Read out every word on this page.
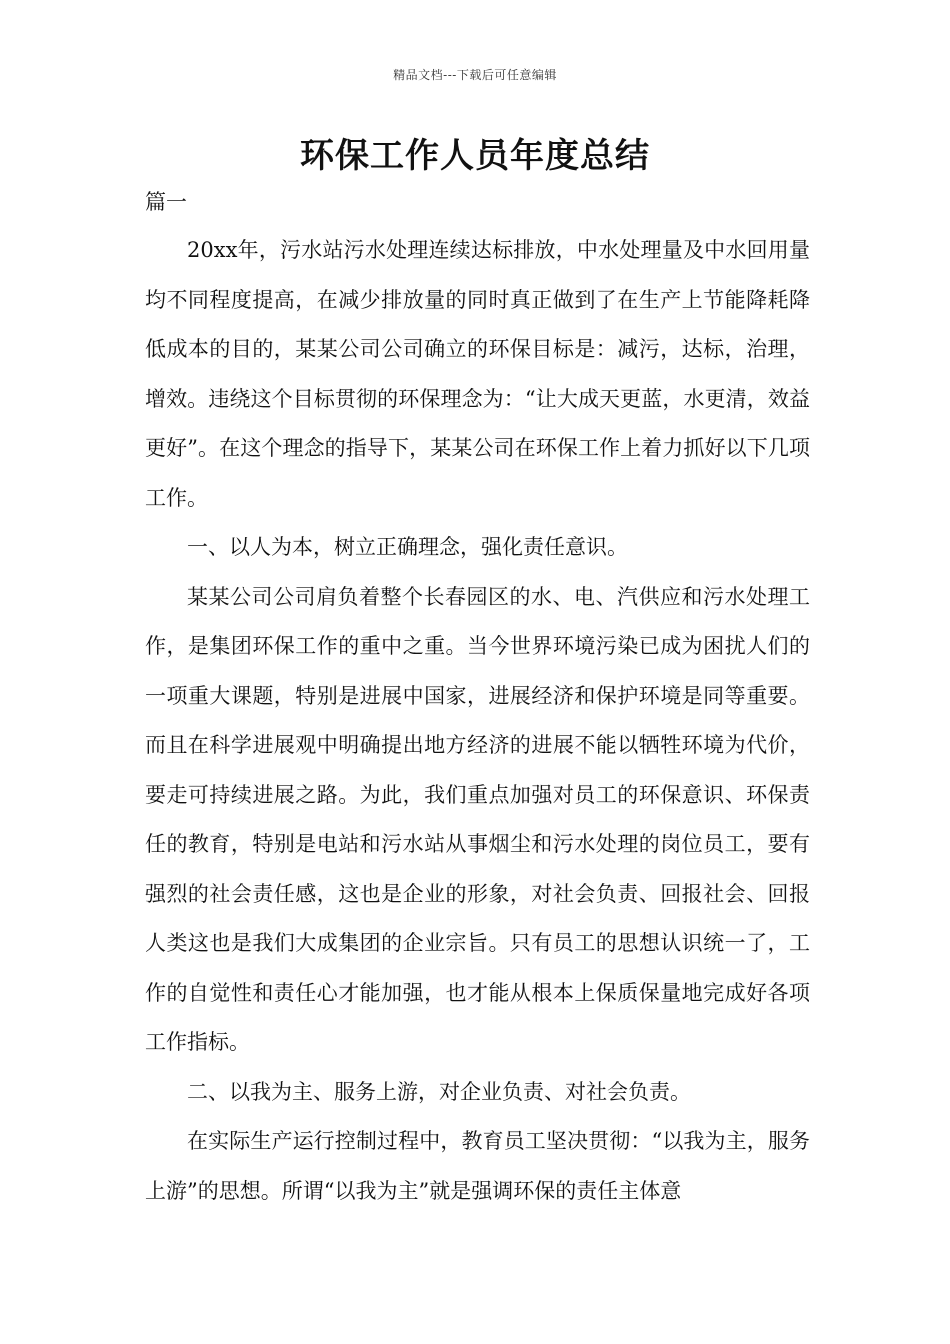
精品文档---下载后可任意编辑
环保工作人员年度总结
篇一

20xx年，污水站污水处理连续达标排放，中水处理量及中水回用量均不同程度提高，在减少排放量的同时真正做到了在生产上节能降耗降低成本的目的，某某公司公司确立的环保目标是：减污，达标，治理，增效。违绕这个目标贯彻的环保理念为：“让大成天更蓝，水更清，效益更好”。在这个理念的指导下，某某公司在环保工作上着力抓好以下几项工作。

一、以人为本，树立正确理念，强化责任意识。

某某公司公司肩负着整个长春园区的水、电、汽供应和污水处理工作，是集团环保工作的重中之重。当今世界环境污染已成为困扰人们的一项重大课题，特别是进展中国家，进展经济和保护环境是同等重要。而且在科学进展观中明确提出地方经济的进展不能以牺牲环境为代价，要走可持续进展之路。为此，我们重点加强对员工的环保意识、环保责任的教育，特别是电站和污水站从事烟尘和污水处理的岗位员工，要有强烈的社会责任感，这也是企业的形象，对社会负责、回报社会、回报人类这也是我们大成集团的企业宗旨。只有员工的思想认识统一了，工作的自觉性和责任心才能加强，也才能从根本上保质保量地完成好各项工作指标。

二、以我为主、服务上游，对企业负责、对社会负责。

在实际生产运行控制过程中，教育员工坚决贯彻：“以我为主，服务上游”的思想。所谓“以我为主”就是强调环保的责任主体意
